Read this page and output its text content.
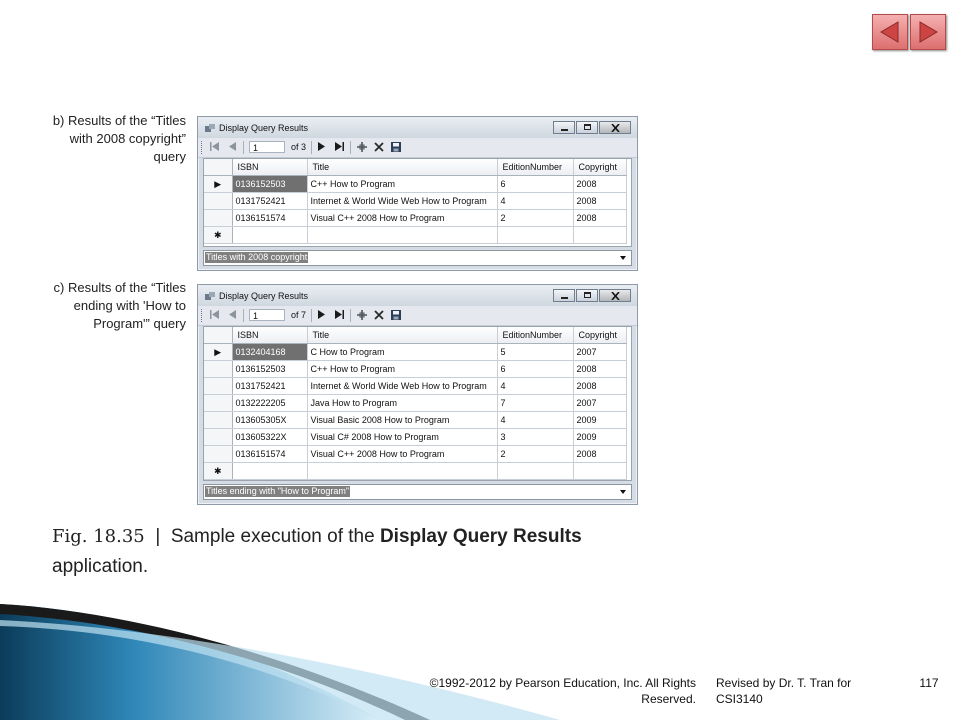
b) Results of the “Titles with 2008 copyright” query
c) Results of the “Titles ending with 'How to Program'” query
Display Query Results
1	of 3
	ISBN	Title	EditionNumber	Copyright
▶	0136152503	C++ How to Program	6	2008
	0131752421	Internet & World Wide Web How to Program	4	2008
	0136151574	Visual C++ 2008 How to Program	2	2008
✱				
Titles with 2008 copyright
Display Query Results
1	of 7
	ISBN	Title	EditionNumber	Copyright
▶	0132404168	C How to Program	5	2007
	0136152503	C++ How to Program	6	2008
	0131752421	Internet & World Wide Web How to Program	4	2008
	0132222205	Java How to Program	7	2007
	013605305X	Visual Basic 2008 How to Program	4	2009
	013605322X	Visual C# 2008 How to Program	3	2009
	0136151574	Visual C++ 2008 How to Program	2	2008
✱				
Titles ending with "How to Program"
Fig. 18.35 | Sample execution of the Display Query Results application.
©1992-2012 by Pearson Education, Inc. All Rights Reserved.
Revised by Dr. T. Tran for CSI3140
117
